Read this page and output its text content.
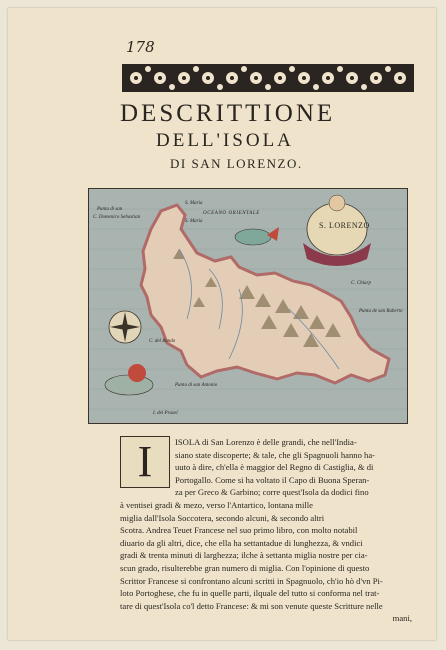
178
DESCRITTIONE
DELL'ISOLA
DI SAN LORENZO.
S. LORENZO
OCEANO ORIENTALE
C. Domenico Sebastian
Punta di san
S. Maria
S. Maria
C. Chiarp
C. del Bando
I. del Prazel
Punta di san Antonio
Punta de san Ruberto
I	ISOLA di San Lorenzo è delle grandi, che nell'India-

siano state discoperte; & tale, che gli Spagnuoli hanno ha-

uuto à dire, ch'ella è maggior del Regno di Castiglia, & di

Portogallo. Come si ha voltato il Capo di Buona Speran-

za per Greco & Garbino; corre quest'Isola da dodici fino

à ventisei gradi & mezo, verso l'Antartico, lontana mille

miglia dall'Isola Soccotera, secondo alcuni, & secondo altri

Scotra. Andrea Teuet Francese nel suo primo libro, con molto notabil

diuario da gli altri, dice, che ella ha settantadue di lunghezza, & vndici

gradi & trenta minuti di larghezza; ilche à settanta miglia nostre per cia-

scun grado, risulterebbe gran numero di miglia. Con l'opinione di questo

Scrittor Francese si confrontano alcuni scritti in Spagnuolo, ch'io hò d'vn Pi-

loto Portoghese, che fu in quelle parti, ilquale del tutto si conforma nel trat-

tare di quest'Isola co'l detto Francese: & mi son venute queste Scritture nelle

mani,
